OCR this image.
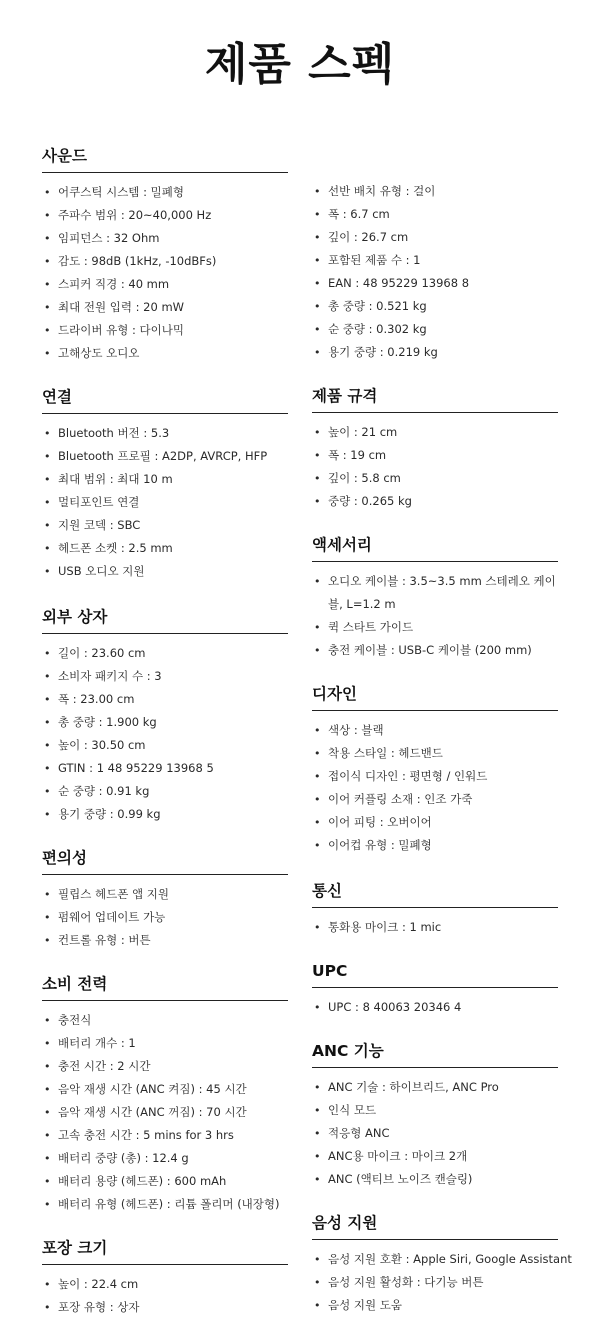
제품 스펙
사운드
• 어쿠스틱 시스템 : 밀폐형
• 주파수 범위 : 20~40,000 Hz
• 임피던스 : 32 Ohm
• 감도 : 98dB (1kHz, -10dBFs)
• 스피커 직경 : 40 mm
• 최대 전원 입력 : 20 mW
• 드라이버 유형 : 다이나믹
• 고해상도 오디오
연결
• Bluetooth 버전 : 5.3
• Bluetooth 프로필 : A2DP, AVRCP, HFP
• 최대 범위 : 최대 10 m
• 멀티포인트 연결
• 지원 코덱 : SBC
• 헤드폰 소켓 : 2.5 mm
• USB 오디오 지원
외부 상자
• 길이 : 23.60 cm
• 소비자 패키지 수 : 3
• 폭 : 23.00 cm
• 총 중량 : 1.900 kg
• 높이 : 30.50 cm
• GTIN : 1 48 95229 13968 5
• 순 중량 : 0.91 kg
• 용기 중량 : 0.99 kg
편의성
• 필립스 헤드폰 앱 지원
• 펌웨어 업데이트 가능
• 컨트롤 유형 : 버튼
소비 전력
• 충전식
• 배터리 개수 : 1
• 충전 시간 : 2 시간
• 음악 재생 시간 (ANC 켜짐) : 45 시간
• 음악 재생 시간 (ANC 꺼짐) : 70 시간
• 고속 충전 시간 : 5 mins for 3 hrs
• 배터리 중량 (총) : 12.4 g
• 배터리 용량 (헤드폰) : 600 mAh
• 배터리 유형 (헤드폰) : 리튬 폴리머 (내장형)
포장 크기
• 높이 : 22.4 cm
• 포장 유형 : 상자
• 선반 배치 유형 : 걸이
• 폭 : 6.7 cm
• 깊이 : 26.7 cm
• 포함된 제품 수 : 1
• EAN : 48 95229 13968 8
• 총 중량 : 0.521 kg
• 순 중량 : 0.302 kg
• 용기 중량 : 0.219 kg
제품 규격
• 높이 : 21 cm
• 폭 : 19 cm
• 깊이 : 5.8 cm
• 중량 : 0.265 kg
액세서리
• 오디오 케이블 : 3.5~3.5 mm 스테레오 케이블, L=1.2 m
• 퀵 스타트 가이드
• 충전 케이블 : USB-C 케이블 (200 mm)
디자인
• 색상 : 블랙
• 착용 스타일 : 헤드밴드
• 접이식 디자인 : 평면형 / 인워드
• 이어 커플링 소재 : 인조 가죽
• 이어 피팅 : 오버이어
• 이어컵 유형 : 밀폐형
통신
• 통화용 마이크 : 1 mic
UPC
• UPC : 8 40063 20346 4
ANC 기능
• ANC 기술 : 하이브리드, ANC Pro
• 인식 모드
• 적응형 ANC
• ANC용 마이크 : 마이크 2개
• ANC (액티브 노이즈 캔슬링)
음성 지원
• 음성 지원 호환 : Apple Siri, Google Assistant
• 음성 지원 활성화 : 다기능 버튼
• 음성 지원 도움
